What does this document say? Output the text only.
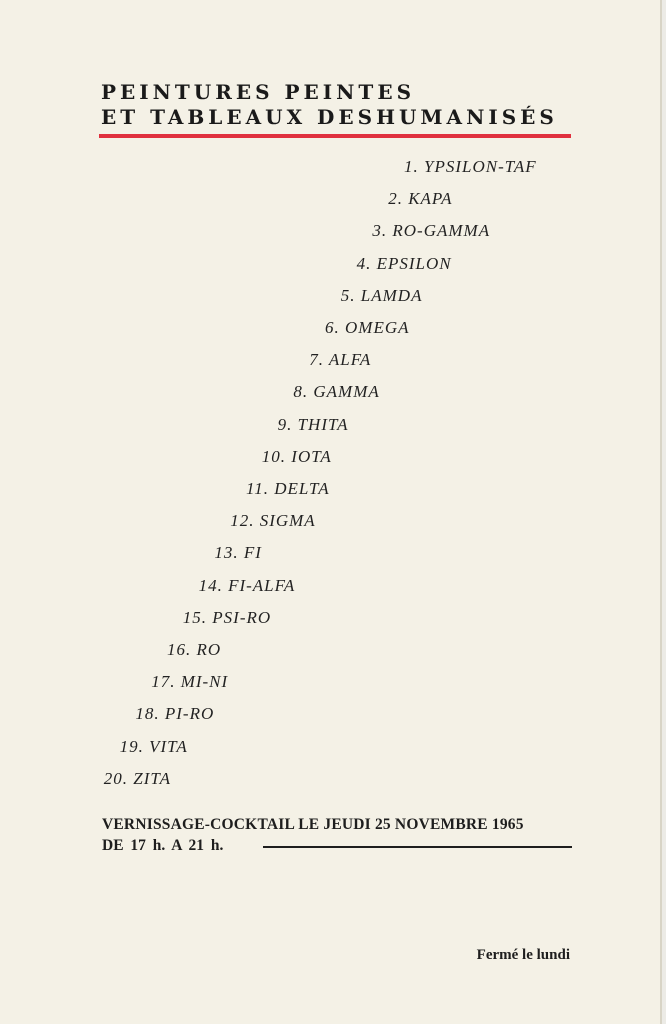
PEINTURES PEINTES
ET TABLEAUX DESHUMANISÉS
1. YPSILON-TAF
2. KAPA
3. RO-GAMMA
4. EPSILON
5. LAMDA
6. OMEGA
7. ALFA
8. GAMMA
9. THITA
10. IOTA
11. DELTA
12. SIGMA
13. FI
14. FI-ALFA
15. PSI-RO
16. RO
17. MI-NI
18. PI-RO
19. VITA
20. ZITA
VERNISSAGE-COCKTAIL LE JEUDI 25 NOVEMBRE 1965
DE 17 h. A 21 h.
Fermé le lundi
